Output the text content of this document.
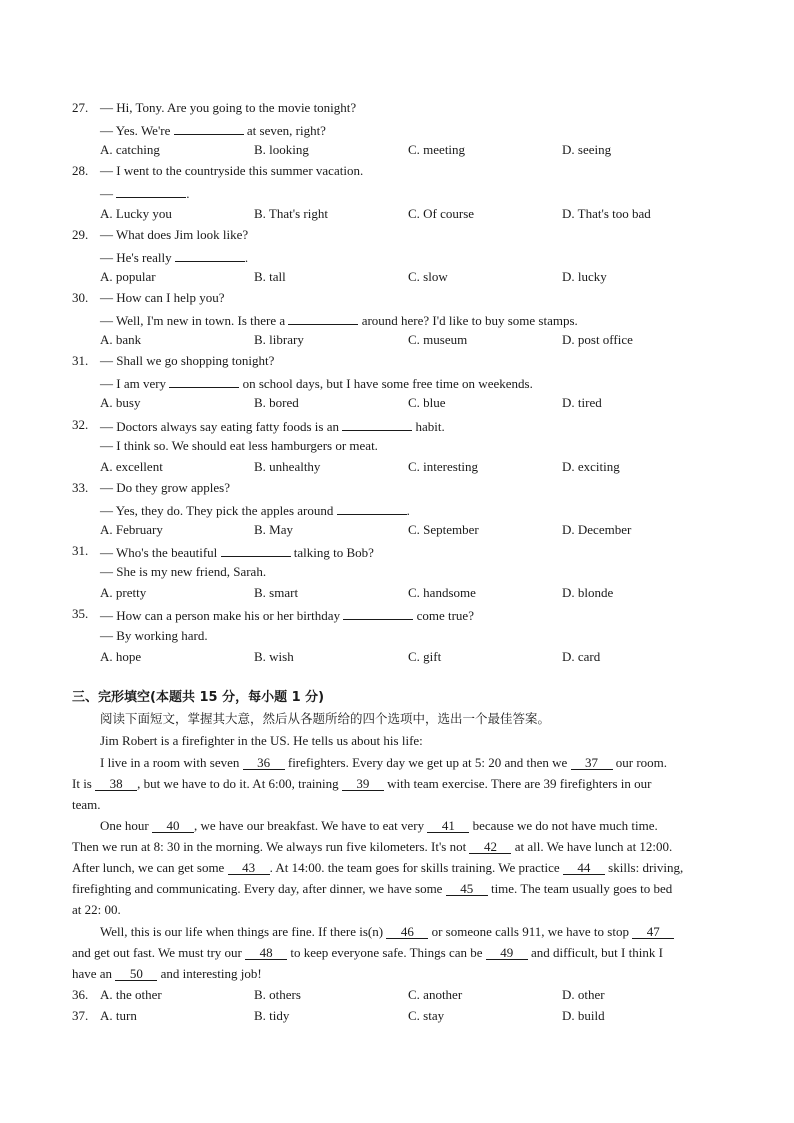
27. — Hi, Tony. Are you going to the movie tonight?
— Yes. We're	at seven, right?
A. catching	B. looking	C. meeting	D. seeing
28. — I went to the countryside this summer vacation.
—	.
A. Lucky you	B. That's right	C. Of course	D. That's too bad
29. — What does Jim look like?
— He's really	.
A. popular	B. tall	C. slow	D. lucky
30. — How can I help you?
— Well, I'm new in town. Is there a	around here? I'd like to buy some stamps.
A. bank	B. library	C. museum	D. post office
31. — Shall we go shopping tonight?
— I am very	on school days, but I have some free time on weekends.
A. busy	B. bored	C. blue	D. tired
32. — Doctors always say eating fatty foods is an	habit.
— I think so. We should eat less hamburgers or meat.
A. excellent	B. unhealthy	C. interesting	D. exciting
33. — Do they grow apples?
— Yes, they do. They pick the apples around	.
A. February	B. May	C. September	D. December
31. — Who's the beautiful	talking to Bob?
— She is my new friend, Sarah.
A. pretty	B. smart	C. handsome	D. blonde
35. — How can a person make his or her birthday	come true?
— By working hard.
A. hope	B. wish	C. gift	D. card
三、完形填空(本题共 15 分，每小题 1 分)
阅读下面短文，掌握其大意，然后从各题所给的四个选项中，选出一个最佳答案。
Jim Robert is a firefighter in the US. He tells us about his life:
I live in a room with seven 36 firefighters. Every day we get up at 5: 20 and then we 37 our room.
It is 38 , but we have to do it. At 6:00, training 39 with team exercise. There are 39 firefighters in our
team.
One hour 40 , we have our breakfast. We have to eat very 41 because we do not have much time.
Then we run at 8: 30 in the morning. We always run five kilometers. It's not 42 at all. We have lunch at 12:00.
After lunch, we can get some 43 . At 14:00. the team goes for skills training. We practice 44 skills: driving,
firefighting and communicating. Every day, after dinner, we have some 45 time. The team usually goes to bed
at 22: 00.
Well, this is our life when things are fine. If there is(n) 46 or someone calls 911, we have to stop 47
and get out fast. We must try our 48 to keep everyone safe. Things can be 49 and difficult, but I think I
have an 50 and interesting job!
36. A. the other	B. others	C. another	D. other
37. A. turn	B. tidy	C. stay	D. build
